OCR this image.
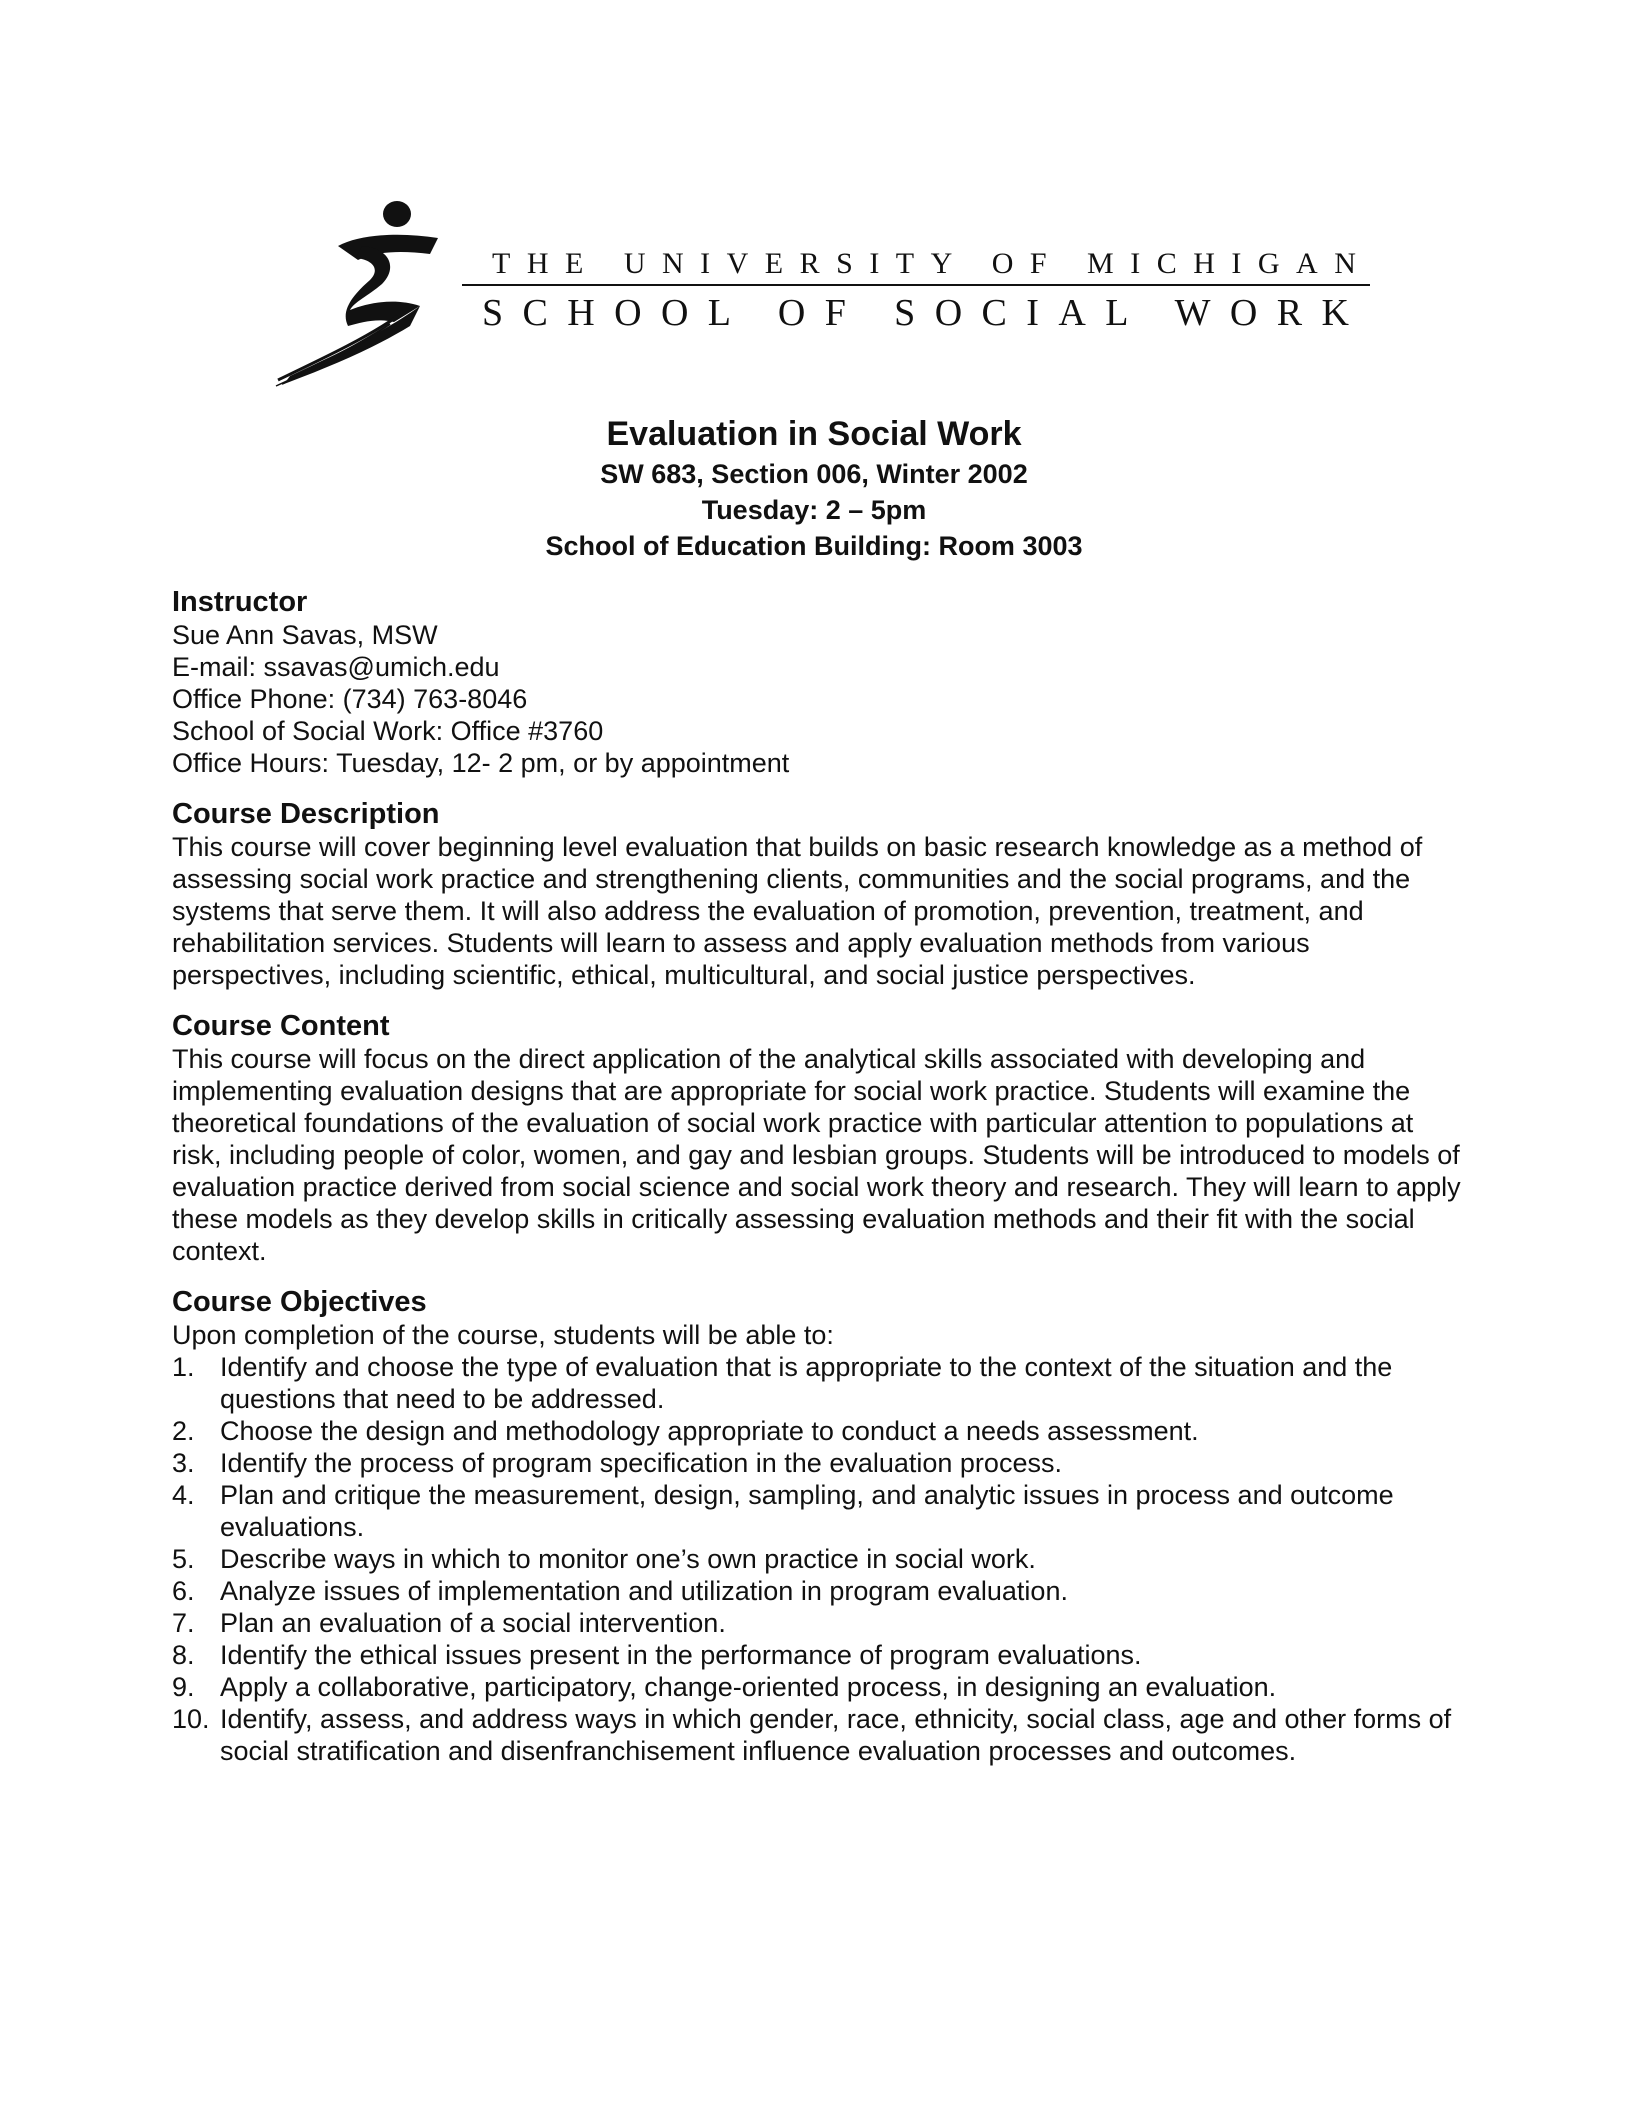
THE UNIVERSITY OF MICHIGAN
SCHOOL OF SOCIAL WORK

Evaluation in Social Work

SW 683, Section 006, Winter 2002

Tuesday: 2 – 5pm

School of Education Building: Room 3003

Instructor

Sue Ann Savas, MSW

E-mail: ssavas@umich.edu

Office Phone: (734) 763-8046

School of Social Work: Office #3760

Office Hours: Tuesday, 12- 2 pm, or by appointment

Course Description

This course will cover beginning level evaluation that builds on basic research knowledge as a method of assessing social work practice and strengthening clients, communities and the social programs, and the systems that serve them. It will also address the evaluation of promotion, prevention, treatment, and rehabilitation services. Students will learn to assess and apply evaluation methods from various perspectives, including scientific, ethical, multicultural, and social justice perspectives.

Course Content

This course will focus on the direct application of the analytical skills associated with developing and implementing evaluation designs that are appropriate for social work practice. Students will examine the theoretical foundations of the evaluation of social work practice with particular attention to populations at risk, including people of color, women, and gay and lesbian groups. Students will be introduced to models of evaluation practice derived from social science and social work theory and research. They will learn to apply these models as they develop skills in critically assessing evaluation methods and their fit with the social context.

Course Objectives

Upon completion of the course, students will be able to:

1. Identify and choose the type of evaluation that is appropriate to the context of the situation and the questions that need to be addressed.
2. Choose the design and methodology appropriate to conduct a needs assessment.
3. Identify the process of program specification in the evaluation process.
4. Plan and critique the measurement, design, sampling, and analytic issues in process and outcome evaluations.
5. Describe ways in which to monitor one’s own practice in social work.
6. Analyze issues of implementation and utilization in program evaluation.
7. Plan an evaluation of a social intervention.
8. Identify the ethical issues present in the performance of program evaluations.
9. Apply a collaborative, participatory, change-oriented process, in designing an evaluation.
10. Identify, assess, and address ways in which gender, race, ethnicity, social class, age and other forms of social stratification and disenfranchisement influence evaluation processes and outcomes.
